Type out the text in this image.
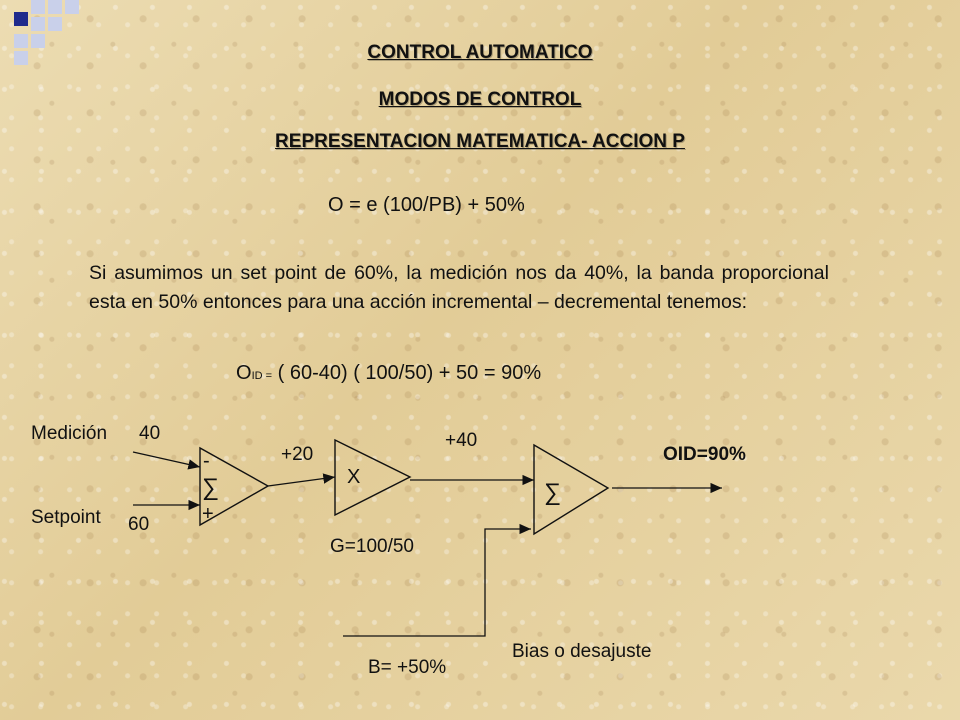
CONTROL AUTOMATICO
MODOS DE CONTROL
REPRESENTACION MATEMATICA- ACCION P
O = e (100/PB) + 50%
Si asumimos un set point de 60%, la medición nos da 40%, la banda proporcional esta en 50% entonces para una acción incremental – decremental tenemos:
OID = ( 60-40) ( 100/50) + 50 = 90%
Medición 40
Setpoint 60
-
∑
+
+20
X
G=100/50
+40
∑
OID=90%
B= +50%
Bias o desajuste
